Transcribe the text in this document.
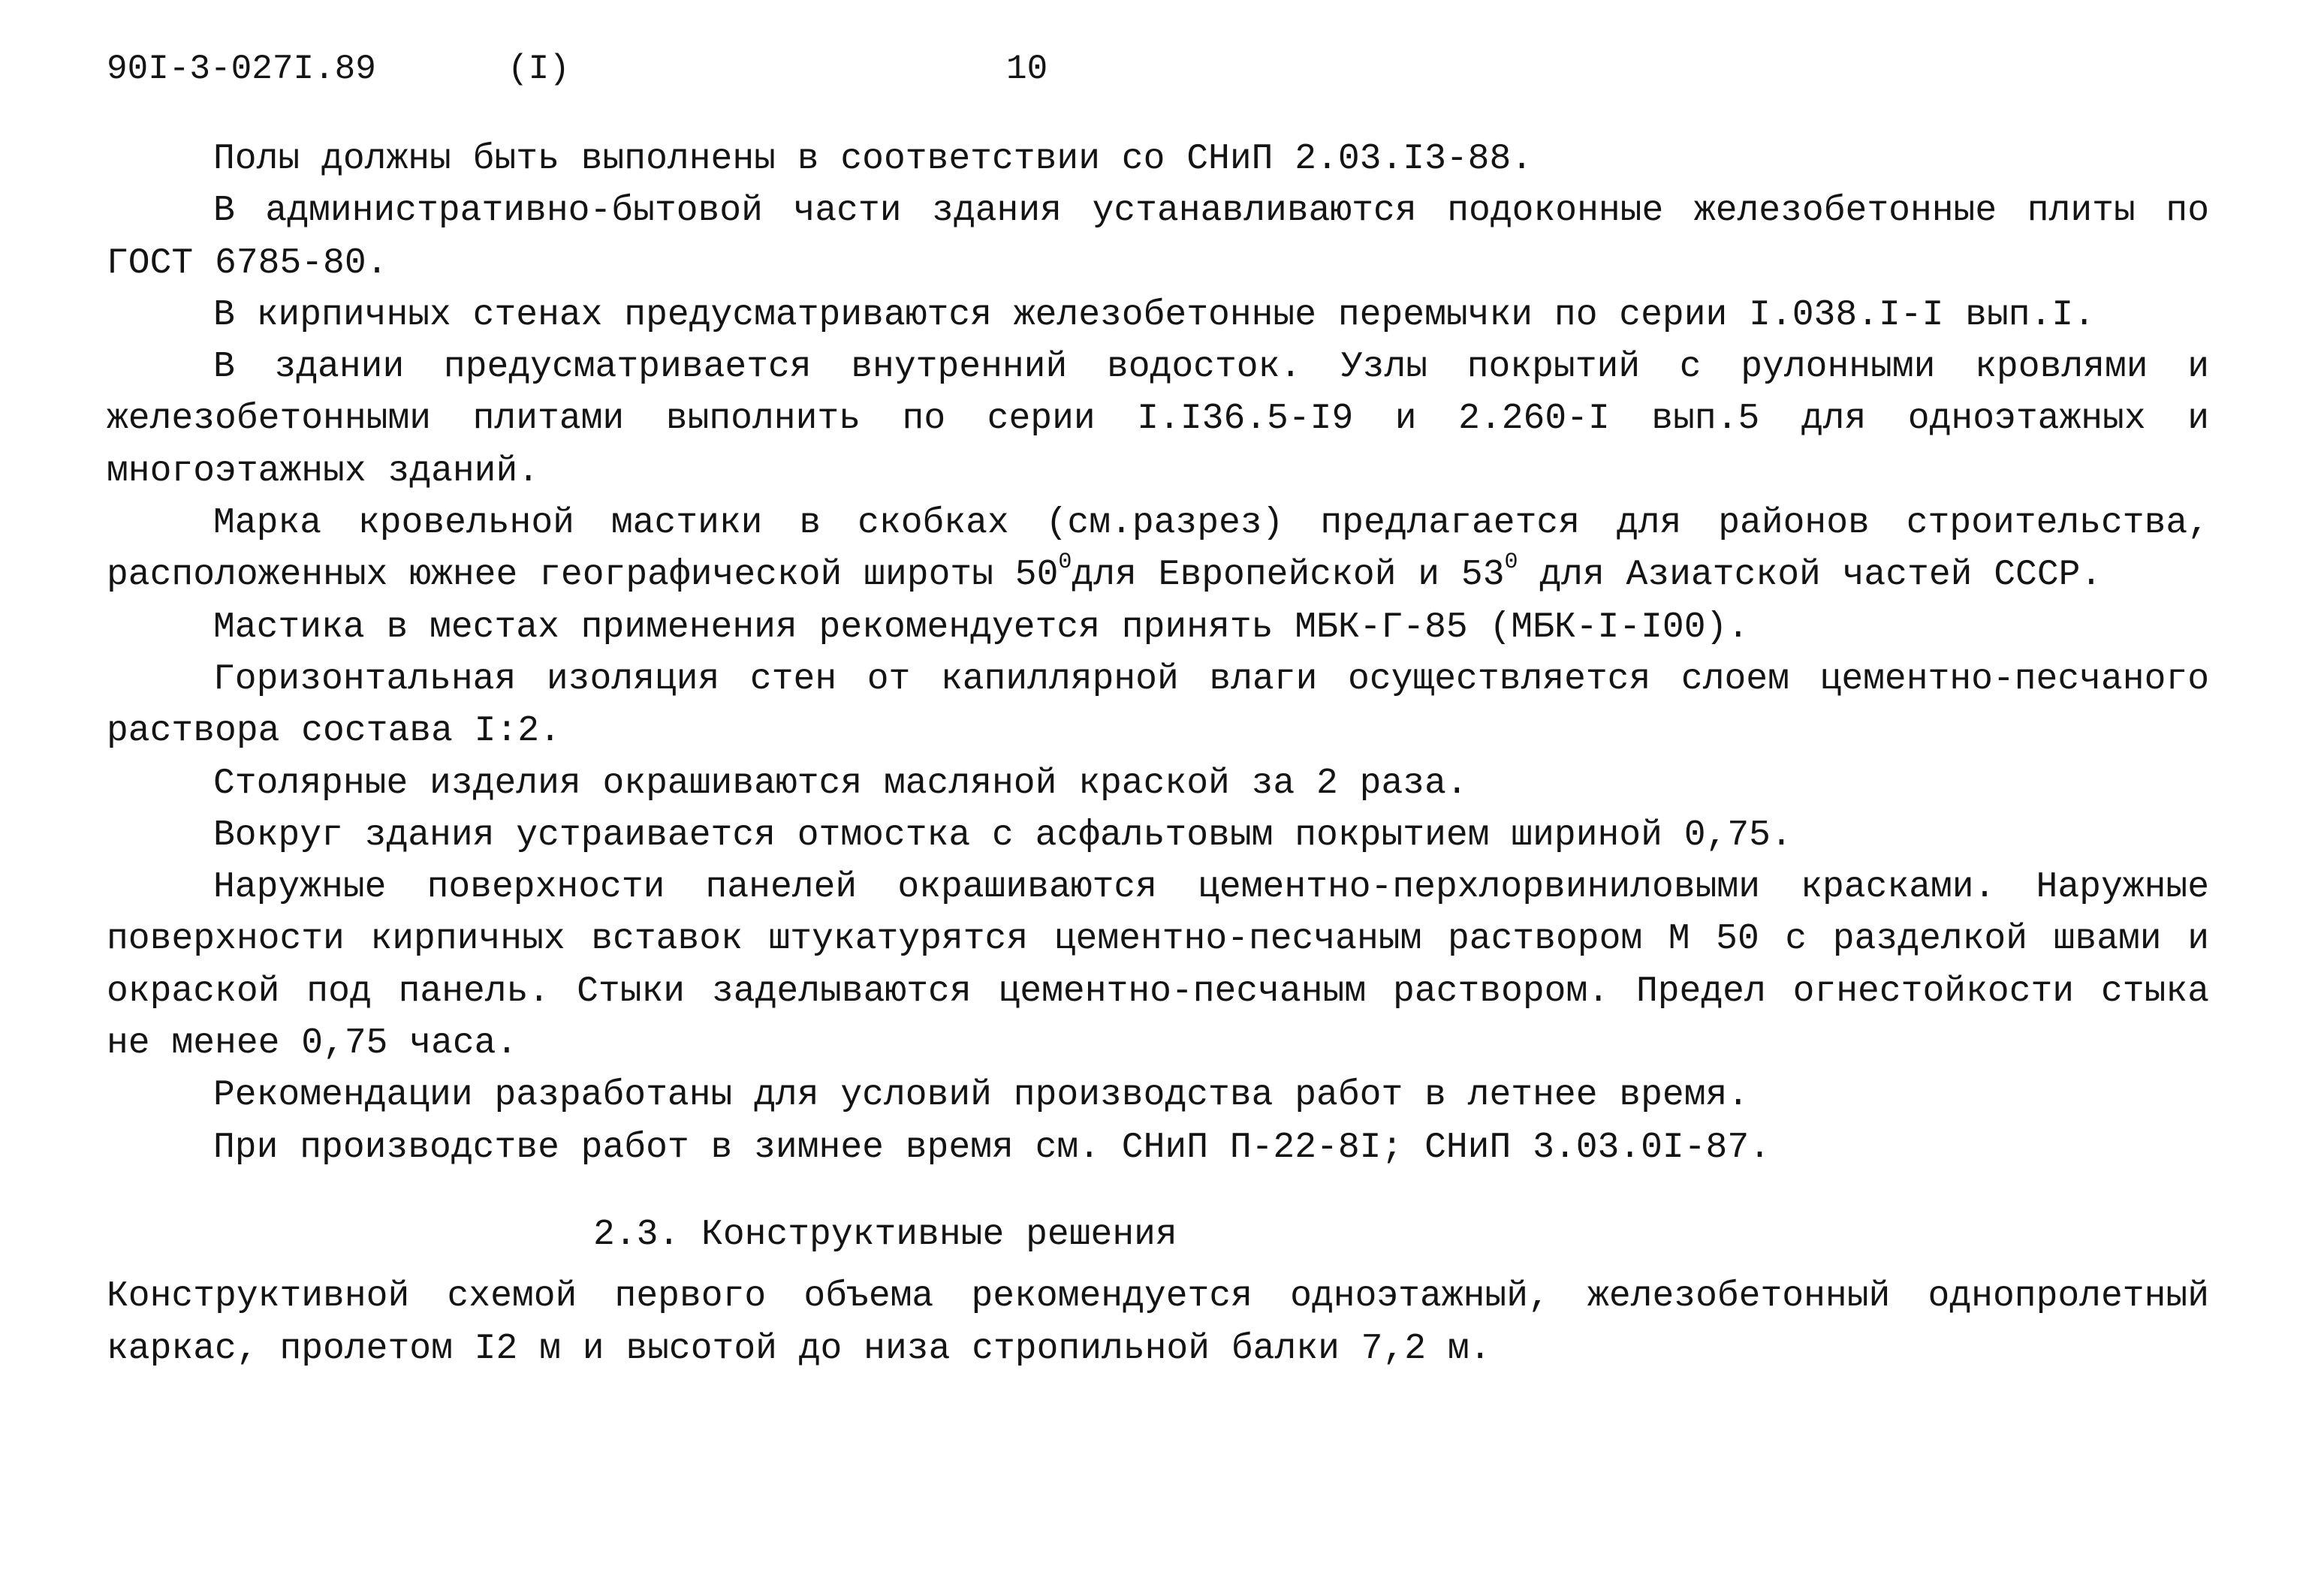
90I-3-027I.89	(I)	10

Полы должны быть выполнены в соответствии со СНиП 2.03.I3-88.

В административно-бытовой части здания устанавливаются подоконные железобетонные плиты по ГОСТ 6785-80.

В кирпичных стенах предусматриваются железобетонные перемычки по серии I.038.I-I вып.I.

В здании предусматривается внутренний водосток. Узлы покрытий с рулонными кровлями и железобетонными плитами выполнить по серии I.I36.5-I9 и 2.260-I вып.5 для одноэтажных и многоэтажных зданий.

Марка кровельной мастики в скобках (см.разрез) предлагается для районов строительства, расположенных южнее географической широты $50^0для$ Европейской и $53^0$ для Азиатской частей СССР.

Мастика в местах применения рекомендуется принять МБК-Г-85 (МБК-I-I00).

Горизонтальная изоляция стен от капиллярной влаги осуществляется слоем цементно-песчаного раствора состава I:2.

Столярные изделия окрашиваются масляной краской за 2 раза.

Вокруг здания устраивается отмостка с асфальтовым покрытием шириной 0,75.

Наружные поверхности панелей окрашиваются цементно-перхлорвиниловыми красками. Наружные поверхности кирпичных вставок штукатурятся цементно-песчаным раствором М 50 с разделкой швами и окраской под панель. Стыки заделываются цементно-песчаным раствором. Предел огнестойкости стыка не менее 0,75 часа.

Рекомендации разработаны для условий производства работ в летнее время.

При производстве работ в зимнее время см. СНиП П-22-8I; СНиП 3.03.0I-87.

2.3. Конструктивные решения

Конструктивной схемой первого объема рекомендуется одноэтажный, железобетонный однопролетный каркас, пролетом I2 м и высотой до низа стропильной балки 7,2 м.
